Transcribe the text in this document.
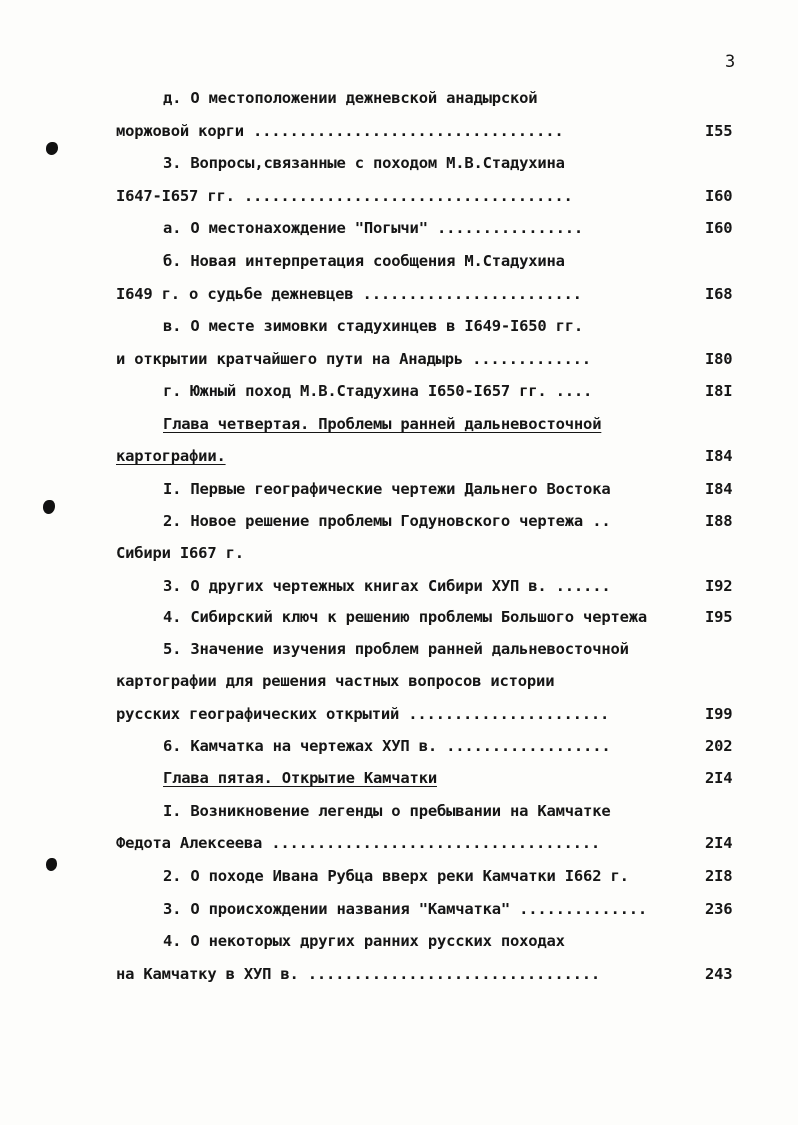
3
д. О местоположении дежневской анадырской
моржовой корги ..................................	I55
3. Вопросы,связанные с походом М.В.Стадухина
I647-I657 гг. ....................................	I60
а. О местонахождение "Погычи" ................	I60
б. Новая интерпретация сообщения М.Стадухина
I649 г. о судьбе дежневцев ........................	I68
в. О месте зимовки стадухинцев в I649-I650 гг.
и открытии кратчайшего пути на Анадырь .............	I80
г. Южный поход М.В.Стадухина I650-I657 гг. ....	I8I
Глава четвертая. Проблемы ранней дальневосточной
картографии.	I84
I. Первые географические чертежи Дальнего Востока	I84
2. Новое решение проблемы Годуновского чертежа ..	I88
Сибири I667 г.
3. О других чертежных книгах Сибири ХУП в. ......	I92
4. Сибирский ключ к решению проблемы Большого чертежа	I95
5. Значение изучения проблем ранней дальневосточной
картографии для решения частных вопросов истории
русских географических открытий ......................	I99
6. Камчатка на чертежах ХУП в. ..................	202
Глава пятая. Открытие Камчатки	2I4
I. Возникновение легенды о пребывании на Камчатке
Федота Алексеева ....................................	2I4
2. О походе Ивана Рубца вверх реки Камчатки I662 г.	2I8
3. О происхождении названия "Камчатка" ..............	236
4. О некоторых других ранних русских походах
на Камчатку в ХУП в. ................................	243
